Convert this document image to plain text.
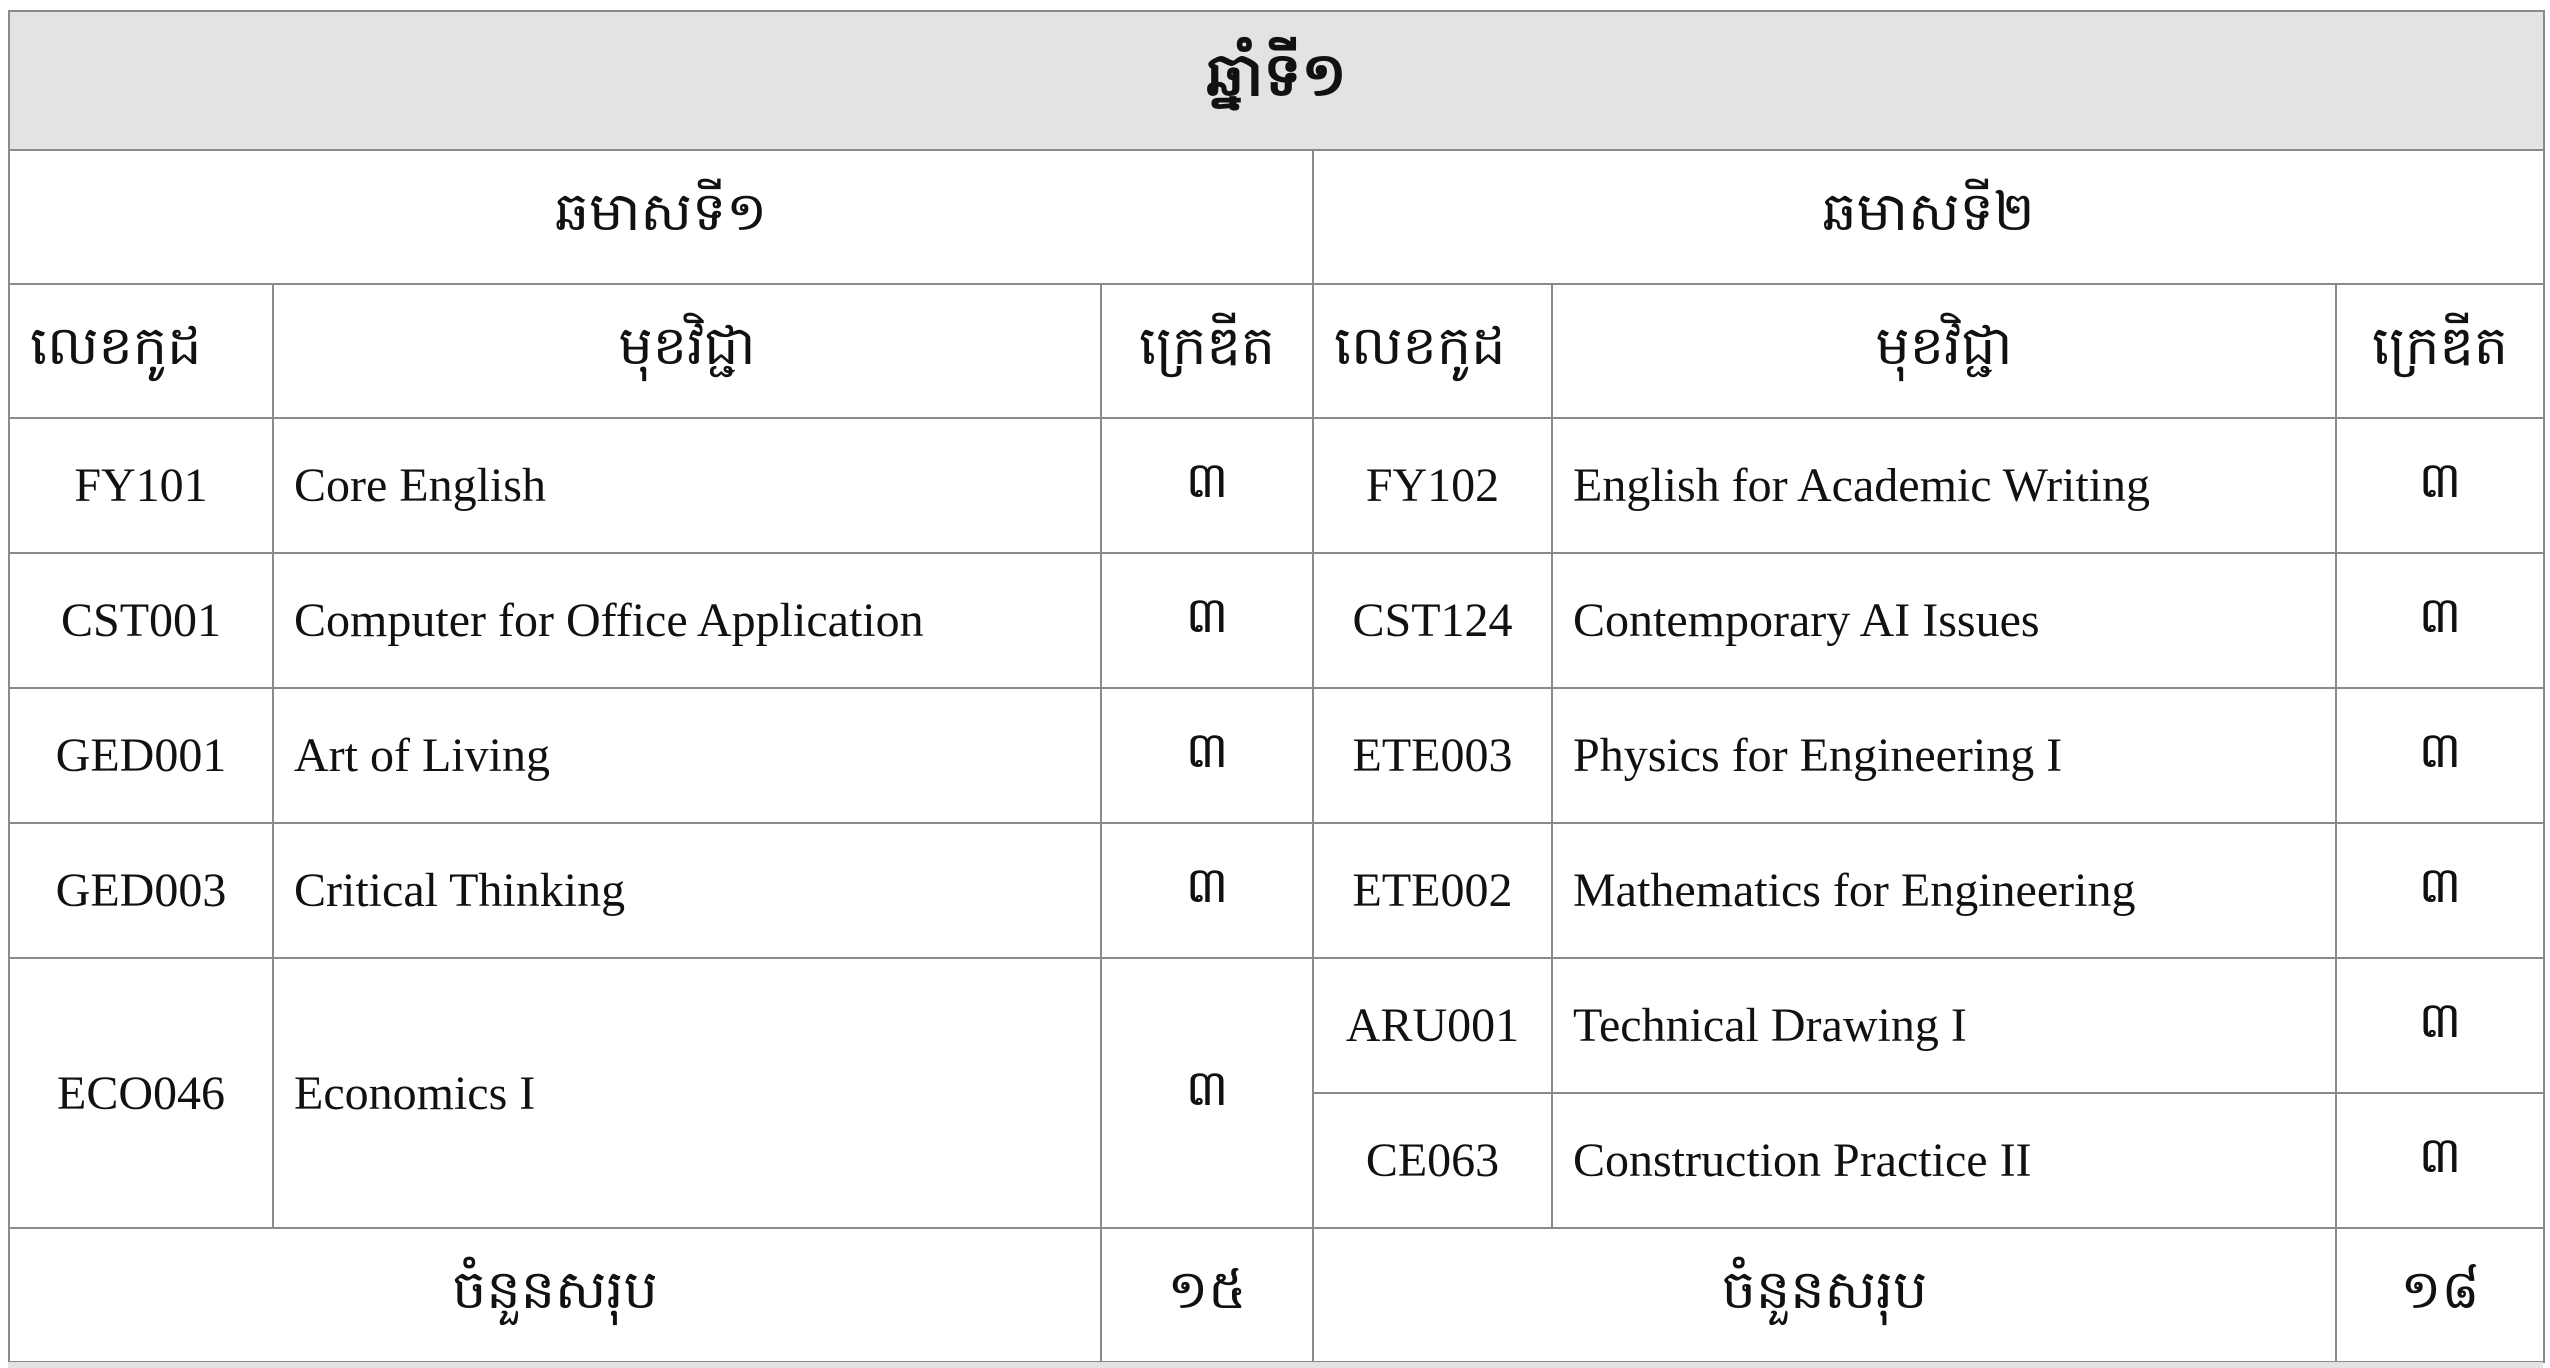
ឆ្នាំទី១					
ឆមាសទី១			ឆមាសទី២		
លេខកូដ	មុខវិជ្ជា	ក្រេឌីត	លេខកូដ	មុខវិជ្ជា	ក្រេឌីត
FY101	Core English	៣	FY102	English for Academic Writing	៣
CST001	Computer for Office Application	៣	CST124	Contemporary AI Issues	៣
GED001	Art of Living	៣	ETE003	Physics for Engineering I	៣
GED003	Critical Thinking	៣	ETE002	Mathematics for Engineering	៣
ECO046	Economics I	៣	ARU001	Technical Drawing I	៣
			CE063	Construction Practice II	៣
ចំនួនសរុប		១៥	ចំនួនសរុប		១៨
